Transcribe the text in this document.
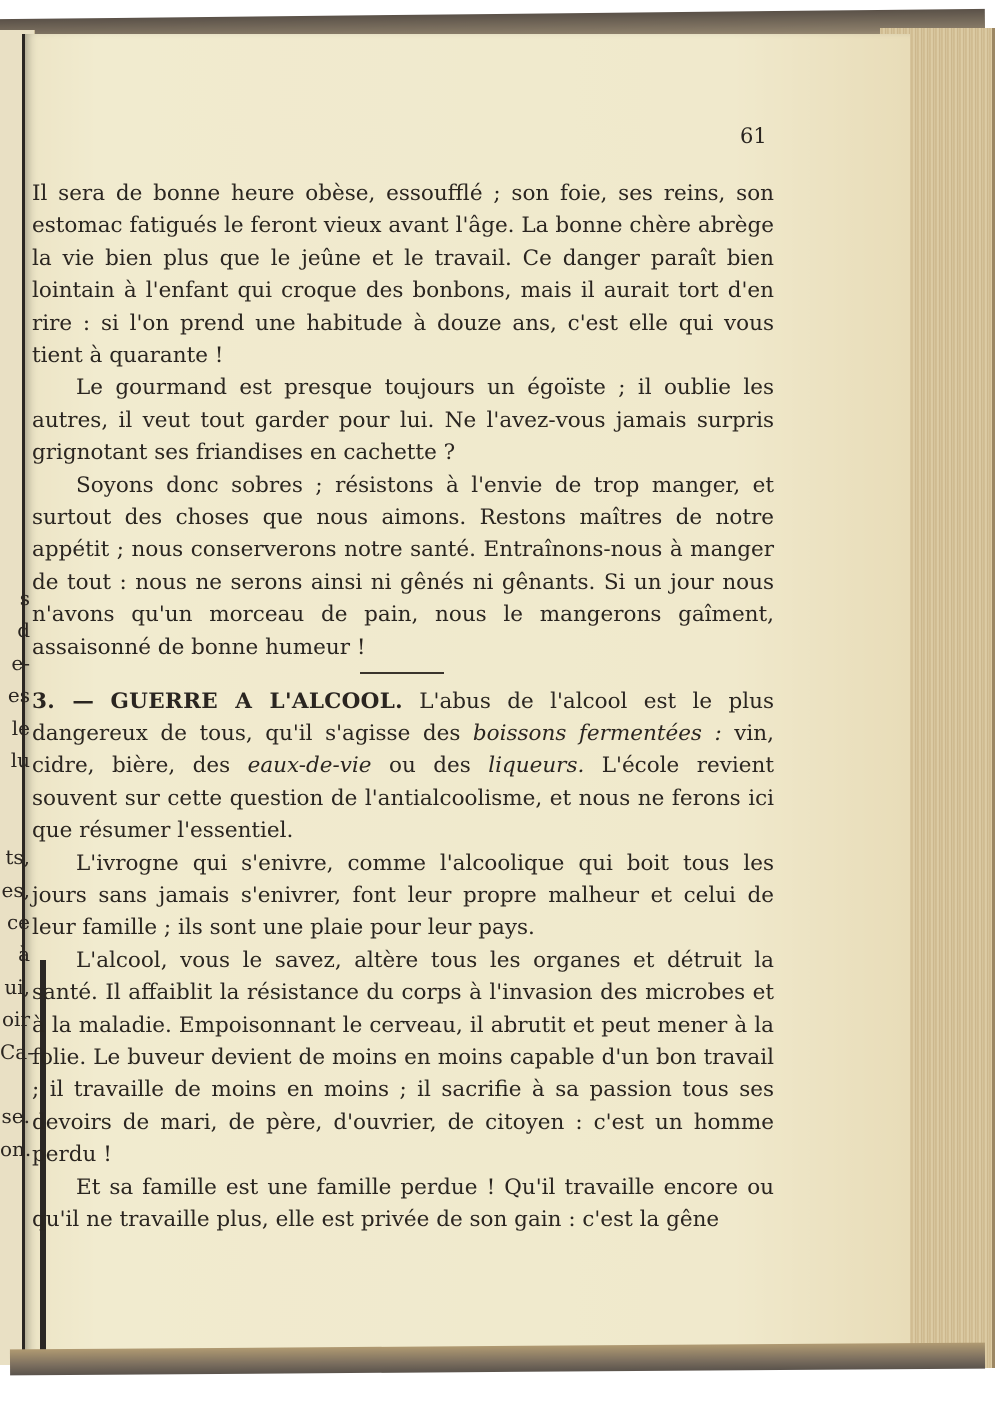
s
d
e-
es
le
lu
ts,
es,
ce
à
ui,
oir
Ca-
se.
on.
61

Il sera de bonne heure obèse, essoufflé ; son foie, ses reins, son estomac fatigués le feront vieux avant l'âge. La bonne chère abrège la vie bien plus que le jeûne et le travail. Ce danger paraît bien lointain à l'enfant qui croque des bonbons, mais il aurait tort d'en rire : si l'on prend une habitude à douze ans, c'est elle qui vous tient à quarante !

Le gourmand est presque toujours un égoïste ; il oublie les autres, il veut tout garder pour lui. Ne l'avez-vous jamais surpris grignotant ses friandises en cachette ?

Soyons donc sobres ; résistons à l'envie de trop manger, et surtout des choses que nous aimons. Restons maîtres de notre appétit ; nous conserverons notre santé. Entraînons-nous à manger de tout : nous ne serons ainsi ni gênés ni gênants. Si un jour nous n'avons qu'un morceau de pain, nous le mangerons gaîment, assaisonné de bonne humeur !

3. — GUERRE A L'ALCOOL. L'abus de l'alcool est le plus dangereux de tous, qu'il s'agisse des boissons fermentées : vin, cidre, bière, des eaux-de-vie ou des liqueurs. L'école revient souvent sur cette question de l'antialcoolisme, et nous ne ferons ici que résumer l'essentiel.

L'ivrogne qui s'enivre, comme l'alcoolique qui boit tous les jours sans jamais s'enivrer, font leur propre malheur et celui de leur famille ; ils sont une plaie pour leur pays.

L'alcool, vous le savez, altère tous les organes et détruit la santé. Il affaiblit la résistance du corps à l'invasion des microbes et à la maladie. Empoisonnant le cerveau, il abrutit et peut mener à la folie. Le buveur devient de moins en moins capable d'un bon travail ; il travaille de moins en moins ; il sacrifie à sa passion tous ses devoirs de mari, de père, d'ouvrier, de citoyen : c'est un homme perdu !

Et sa famille est une famille perdue ! Qu'il travaille encore ou qu'il ne travaille plus, elle est privée de son gain : c'est la gêne
